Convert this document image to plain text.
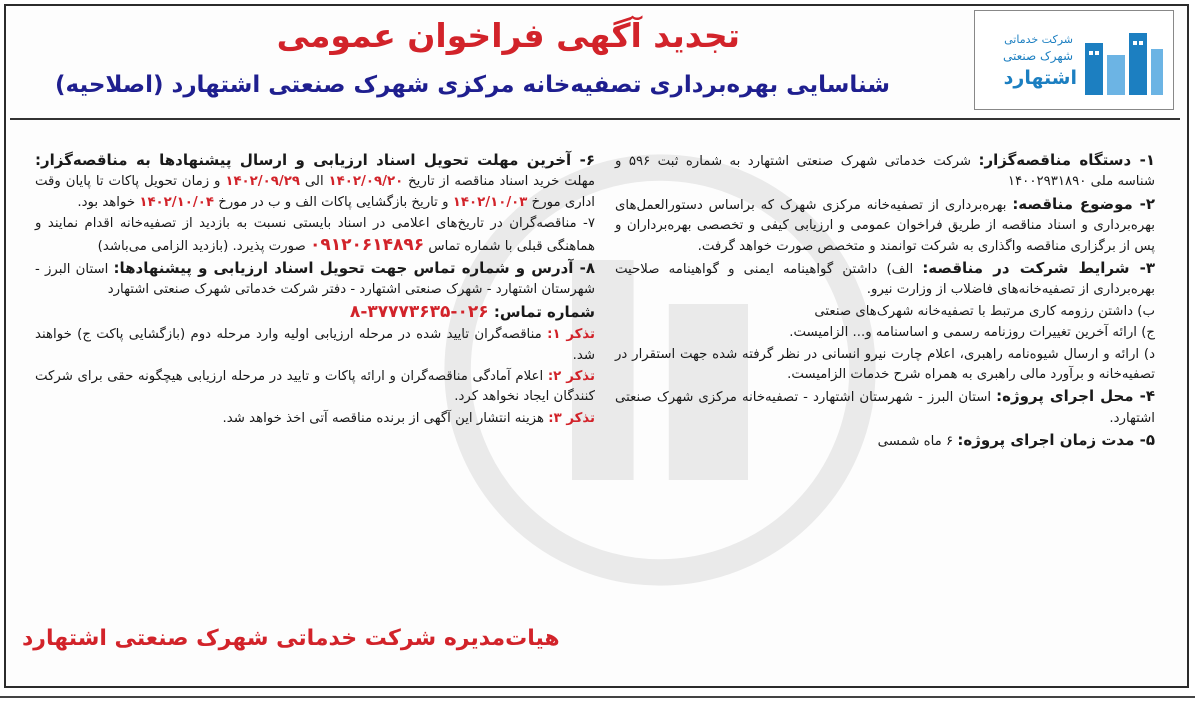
شرکت خدماتی
شهرک صنعتی
اشتهارد
تجدید آگهی فراخوان عمومی
شناسایی بهره‌برداری تصفیه‌خانه مرکزی شهرک صنعتی اشتهارد (اصلاحیه)

۱- دستگاه مناقصه‌گزار: شرکت خدماتی شهرک صنعتی اشتهارد به شماره ثبت ۵۹۶ و شناسه ملی ۱۴۰۰۲۹۳۱۸۹۰

۲- موضوع مناقصه: بهره‌برداری از تصفیه‌خانه مرکزی شهرک که براساس دستورالعمل‌های بهره‌برداری و اسناد مناقصه از طریق فراخوان عمومی و ارزیابی کیفی و تخصصی بهره‌برداران و پس از برگزاری مناقصه واگذاری به شرکت توانمند و متخصص صورت خواهد گرفت.

۳- شرایط شرکت در مناقصه: الف) داشتن گواهینامه ایمنی و گواهینامه صلاحیت بهره‌برداری از تصفیه‌خانه‌های فاضلاب از وزارت نیرو.

ب) داشتن رزومه کاری مرتبط با تصفیه‌خانه شهرک‌های صنعتی

ج) ارائه آخرین تغییرات روزنامه رسمی و اساسنامه و... الزامیست.

د) ارائه و ارسال شیوه‌نامه راهبری، اعلام چارت نیرو انسانی در نظر گرفته شده جهت استقرار در تصفیه‌خانه و برآورد مالی راهبری به همراه شرح خدمات الزامیست.

۴- محل اجرای پروژه: استان البرز - شهرستان اشتهارد - تصفیه‌خانه مرکزی شهرک صنعتی اشتهارد.

۵- مدت زمان اجرای پروژه: ۶ ماه شمسی

۶- آخرین مهلت تحویل اسناد ارزیابی و ارسال پیشنهادها به مناقصه‌گزار: مهلت خرید اسناد مناقصه از تاریخ ۱۴۰۲/۰۹/۲۰ الی ۱۴۰۲/۰۹/۲۹ و زمان تحویل پاکات تا پایان وقت اداری مورخ ۱۴۰۲/۱۰/۰۳ و تاریخ بازگشایی پاکات الف و ب در مورخ ۱۴۰۲/۱۰/۰۴ خواهد بود.

۷- مناقصه‌گران در تاریخ‌های اعلامی در اسناد بایستی نسبت به بازدید از تصفیه‌خانه اقدام نمایند و هماهنگی قبلی با شماره تماس ۰۹۱۲۰۶۱۴۸۹۶ صورت پذیرد. (بازدید الزامی می‌باشد)

۸- آدرس و شماره تماس جهت تحویل اسناد ارزیابی و پیشنهادها: استان البرز - شهرستان اشتهارد - شهرک صنعتی اشتهارد - دفتر شرکت خدماتی شهرک صنعتی اشتهارد

شماره تماس: ۰۲۶-۳۷۷۷۳۶۳۵-۸

تذکر ۱: مناقصه‌گران تایید شده در مرحله ارزیابی اولیه وارد مرحله دوم (بازگشایی پاکت ج) خواهند شد.

تذکر ۲: اعلام آمادگی مناقصه‌گران و ارائه پاکات و تایید در مرحله ارزیابی هیچگونه حقی برای شرکت کنندگان ایجاد نخواهد کرد.

تذکر ۳: هزینه انتشار این آگهی از برنده مناقصه آتی اخذ خواهد شد.

هیات‌مدیره شرکت خدماتی شهرک صنعتی اشتهارد
